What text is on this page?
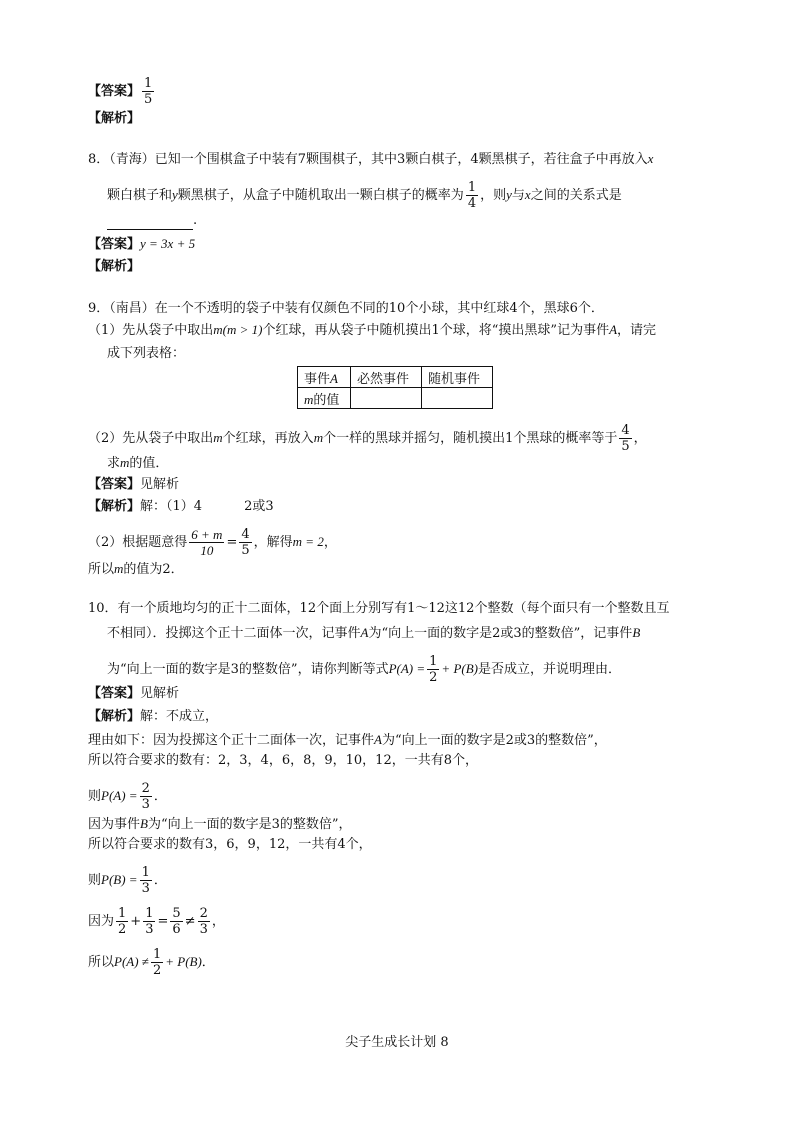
【答案】 $\frac{1}{5}$
【解析】
8．（青海）已知一个围棋盒子中装有7颗围棋子，其中3颗白棋子，4颗黑棋子，若往盒子中再放入x
颗白棋子和y颗黑棋子，从盒子中随机取出一颗白棋子的概率为 $\frac{1}{4}$ ，则y与x之间的关系式是
.
【答案】y = 3x + 5
【解析】
9．（南昌）在一个不透明的袋子中装有仅颜色不同的10个小球，其中红球4个，黑球6个．
（1）先从袋子中取出m(m > 1)个红球，再从袋子中随机摸出1个球，将“摸出黑球”记为事件A，请完
成下列表格：
事件A	必然事件	随机事件
m的值		
（2）先从袋子中取出m个红球，再放入m个一样的黑球并摇匀，随机摸出1个黑球的概率等于 $\frac{4}{5}$ ，
求m的值．
【答案】见解析
【解析】解：（1）4	2或3
（2）根据题意得 $\frac{6 + m}{10} = \frac{4}{5}$ ，解得m = 2，
所以m的值为2．
10．有一个质地均匀的正十二面体，12个面上分别写有1～12这12个整数（每个面只有一个整数且互
不相同）．投掷这个正十二面体一次，记事件A为“向上一面的数字是2或3的整数倍”，记事件B
为“向上一面的数字是3的整数倍”，请你判断等式$P(A) = \frac{1}{2} + P(B)$是否成立，并说明理由．
【答案】见解析
【解析】解：不成立，
理由如下：因为投掷这个正十二面体一次，记事件A为“向上一面的数字是2或3的整数倍”，
所以符合要求的数有：2，3，4，6，8，9，10，12，一共有8个，
则$P(A) = \frac{2}{3}$ ．
因为事件B为“向上一面的数字是3的整数倍”，
所以符合要求的数有3，6，9，12，一共有4个，
则$P(B) = \frac{1}{3}$ ．
因为 $\frac{1}{2} + \frac{1}{3} = \frac{5}{6} \ne \frac{2}{3}$ ，
所以$P(A) \ne \frac{1}{2} + P(B)$．
尖子生成长计划 8
